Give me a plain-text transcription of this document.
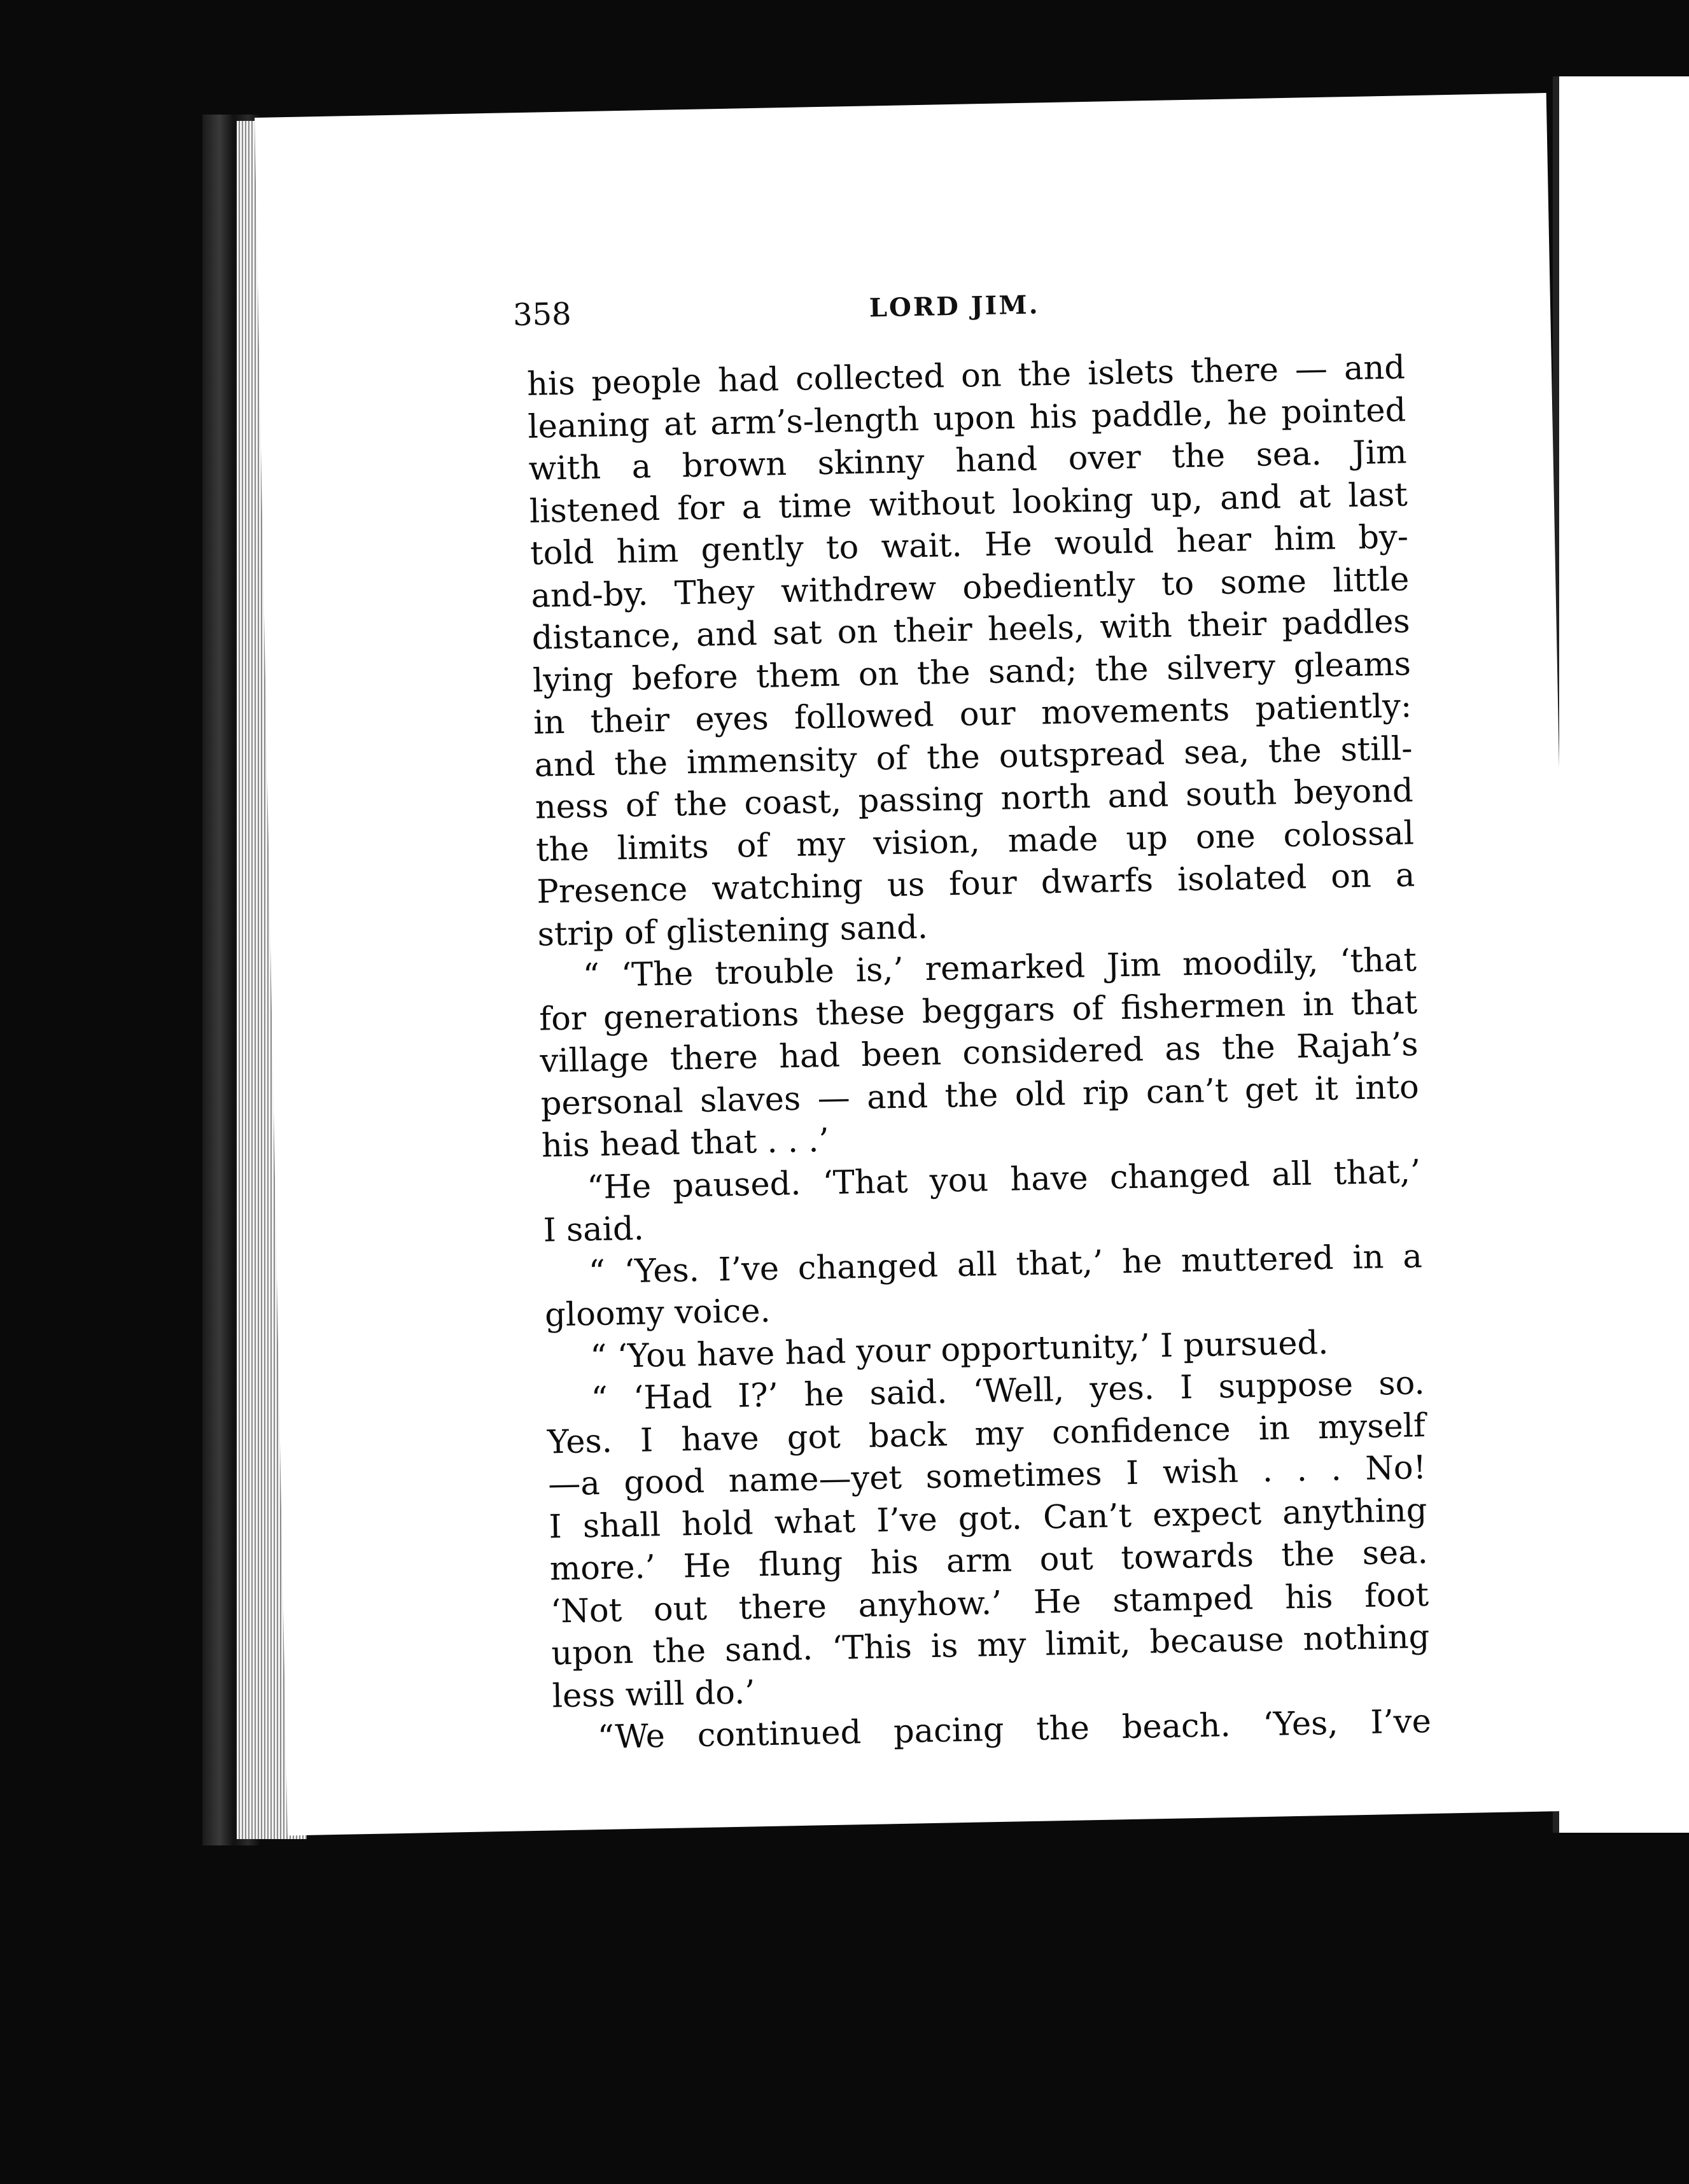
358	LORD JIM.
his people had collected on the islets there — and
leaning at arm’s-length upon his paddle, he pointed
with a brown skinny hand over the sea. Jim
listened for a time without looking up, and at last
told him gently to wait. He would hear him by-
and-by. They withdrew obediently to some little
distance, and sat on their heels, with their paddles
lying before them on the sand; the silvery gleams
in their eyes followed our movements patiently:
and the immensity of the outspread sea, the still-
ness of the coast, passing north and south beyond
the limits of my vision, made up one colossal
Presence watching us four dwarfs isolated on a
strip of glistening sand.
“ ‘The trouble is,’ remarked Jim moodily, ‘that
for generations these beggars of fishermen in that
village there had been considered as the Rajah’s
personal slaves — and the old rip can’t get it into
his head that . . .’
“He paused. ‘That you have changed all that,’
I said.
“ ‘Yes. I’ve changed all that,’ he muttered in a
gloomy voice.
“ ‘You have had your opportunity,’ I pursued.
“ ‘Had I?’ he said. ‘Well, yes. I suppose so.
Yes. I have got back my confidence in myself
—a good name—yet sometimes I wish . . . No!
I shall hold what I’ve got. Can’t expect anything
more.’ He flung his arm out towards the sea.
‘Not out there anyhow.’ He stamped his foot
upon the sand. ‘This is my limit, because nothing
less will do.’
“We continued pacing the beach. ‘Yes, I’ve
